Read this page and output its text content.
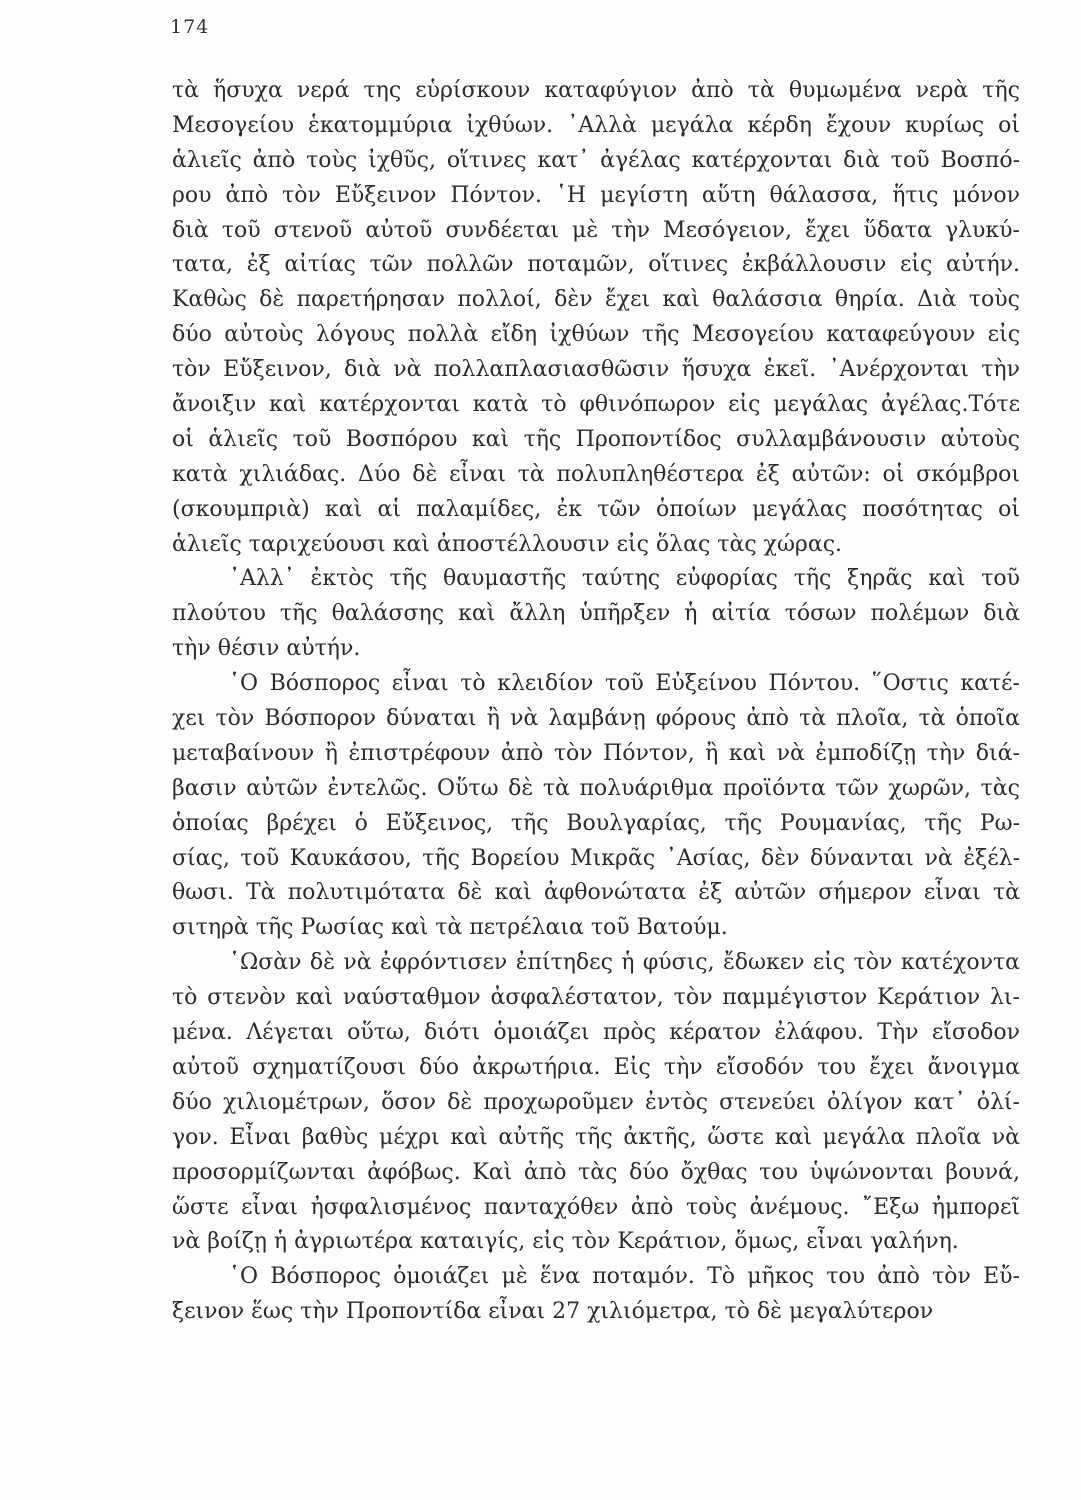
174
τὰ ἥσυχα νερά της εὑρίσκουν καταφύγιον ἀπὸ τὰ θυμωμένα νερὰ τῆς
Μεσογείου ἑκατομμύρια ἰχθύων. ᾿Αλλὰ μεγάλα κέρδη ἔχουν κυρίως οἱ
ἁλιεῖς ἀπὸ τοὺς ἰχθῦς, οἵτινες κατ᾿ ἀγέλας κατέρχονται διὰ τοῦ Βοσπό-
ρου ἀπὸ τὸν Εὔξεινον Πόντον. ῾Η μεγίστη αὕτη θάλασσα, ἥτις μόνον
διὰ τοῦ στενοῦ αὐτοῦ συνδέεται μὲ τὴν Μεσόγειον, ἔχει ὕδατα γλυκύ-
τατα, ἐξ αἰτίας τῶν πολλῶν ποταμῶν, οἵτινες ἐκβάλλουσιν εἰς αὐτήν.
Καθὼς δὲ παρετήρησαν πολλοί, δὲν ἔχει καὶ θαλάσσια θηρία. Διὰ τοὺς
δύο αὐτοὺς λόγους πολλὰ εἴδη ἰχθύων τῆς Μεσογείου καταφεύγουν εἰς
τὸν Εὔξεινον, διὰ νὰ πολλαπλασιασθῶσιν ἥσυχα ἐκεῖ. ᾿Ανέρχονται τὴν
ἄνοιξιν καὶ κατέρχονται κατὰ τὸ φθινόπωρον εἰς μεγάλας ἀγέλας.Τότε
οἱ ἁλιεῖς τοῦ Βοσπόρου καὶ τῆς Προποντίδος συλλαμβάνουσιν αὐτοὺς
κατὰ χιλιάδας. Δύο δὲ εἶναι τὰ πολυπληθέστερα ἐξ αὐτῶν: οἱ σκόμβροι
(σκουμπριὰ) καὶ αἱ παλαμίδες, ἐκ τῶν ὁποίων μεγάλας ποσότητας οἱ
ἁλιεῖς ταριχεύουσι καὶ ἀποστέλλουσιν εἰς ὅλας τὰς χώρας.
᾿Αλλ᾿ ἐκτὸς τῆς θαυμαστῆς ταύτης εὐφορίας τῆς ξηρᾶς καὶ τοῦ
πλούτου τῆς θαλάσσης καὶ ἄλλη ὑπῆρξεν ἡ αἰτία τόσων πολέμων διὰ
τὴν θέσιν αὐτήν.
῾Ο Βόσπορος εἶναι τὸ κλειδίον τοῦ Εὐξείνου Πόντου. ῞Οστις κατέ-
χει τὸν Βόσπορον δύναται ἢ νὰ λαμβάνῃ φόρους ἀπὸ τὰ πλοῖα, τὰ ὁποῖα
μεταβαίνουν ἢ ἐπιστρέφουν ἀπὸ τὸν Πόντον, ἢ καὶ νὰ ἐμποδίζῃ τὴν διά-
βασιν αὐτῶν ἐντελῶς. Οὕτω δὲ τὰ πολυάριθμα προϊόντα τῶν χωρῶν, τὰς
ὁποίας βρέχει ὁ Εὔξεινος, τῆς Βουλγαρίας, τῆς Ρουμανίας, τῆς Ρω-
σίας, τοῦ Καυκάσου, τῆς Βορείου Μικρᾶς ᾿Ασίας, δὲν δύνανται νὰ ἐξέλ-
θωσι. Τὰ πολυτιμότατα δὲ καὶ ἀφθονώτατα ἐξ αὐτῶν σήμερον εἶναι τὰ
σιτηρὰ τῆς Ρωσίας καὶ τὰ πετρέλαια τοῦ Βατούμ.
῾Ωσὰν δὲ νὰ ἐφρόντισεν ἐπίτηδες ἡ φύσις, ἔδωκεν εἰς τὸν κατέχοντα
τὸ στενὸν καὶ ναύσταθμον ἀσφαλέστατον, τὸν παμμέγιστον Κεράτιον λι-
μένα. Λέγεται οὕτω, διότι ὁμοιάζει πρὸς κέρατον ἐλάφου. Τὴν εἴσοδον
αὐτοῦ σχηματίζουσι δύο ἀκρωτήρια. Εἰς τὴν εἴσοδόν του ἔχει ἄνοιγμα
δύο χιλιομέτρων, ὅσον δὲ προχωροῦμεν ἐντὸς στενεύει ὀλίγον κατ᾿ ὀλί-
γον. Εἶναι βαθὺς μέχρι καὶ αὐτῆς τῆς ἀκτῆς, ὥστε καὶ μεγάλα πλοῖα νὰ
προσορμίζωνται ἀφόβως. Καὶ ἀπὸ τὰς δύο ὄχθας του ὑψώνονται βουνά,
ὥστε εἶναι ἠσφαλισμένος πανταχόθεν ἀπὸ τοὺς ἀνέμους. ῎Εξω ἠμπορεῖ
νὰ βοίζῃ ἡ ἀγριωτέρα καταιγίς, εἰς τὸν Κεράτιον, ὅμως, εἶναι γαλήνη.
῾Ο Βόσπορος ὁμοιάζει μὲ ἕνα ποταμόν. Τὸ μῆκος του ἀπὸ τὸν Εὔ-
ξεινον ἕως τὴν Προποντίδα εἶναι 27 χιλιόμετρα, τὸ δὲ μεγαλύτερον
